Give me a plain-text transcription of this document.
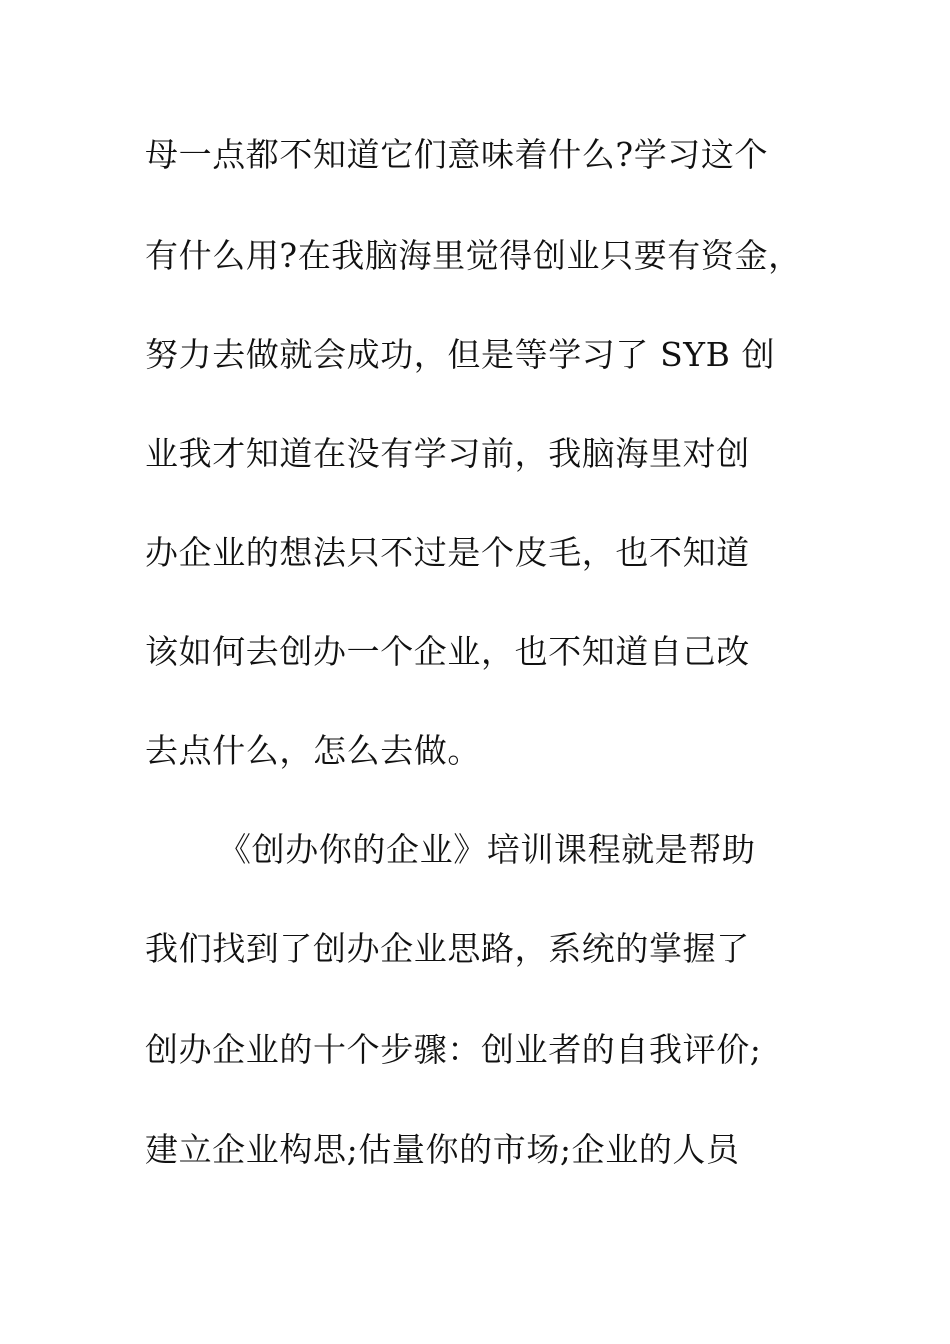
母一点都不知道它们意味着什么?学习这个
有什么用?在我脑海里觉得创业只要有资金，
努力去做就会成功，但是等学习了 SYB 创
业我才知道在没有学习前，我脑海里对创
办企业的想法只不过是个皮毛，也不知道
该如何去创办一个企业，也不知道自己改
去点什么，怎么去做。
《创办你的企业》培训课程就是帮助
我们找到了创办企业思路，系统的掌握了
创办企业的十个步骤：创业者的自我评价;
建立企业构思;估量你的市场;企业的人员
